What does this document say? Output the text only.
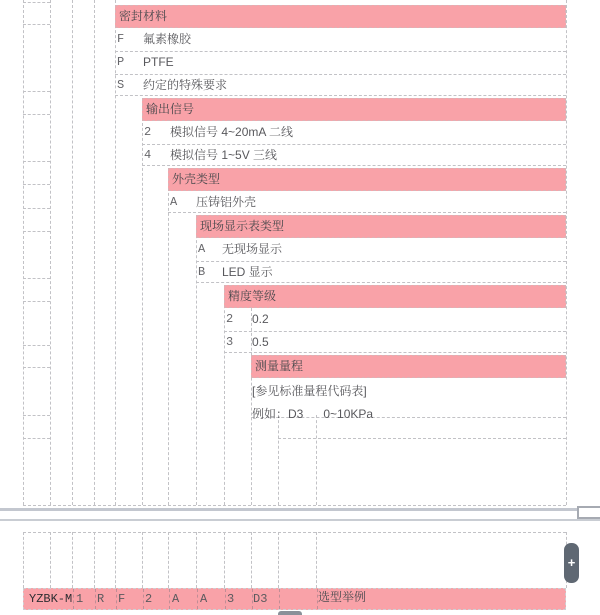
密封材料
F 氟素橡胶
P PTFE
S 约定的特殊要求
输出信号
2 模拟信号 4~20mA 二线
4 模拟信号 1~5V 三线
外壳类型
A 压铸铝外壳
现场显示表类型
A 无现场显示
B LED 显示
精度等级
2 0.2
3 0.5
测量量程
[参见标准量程代码表]
例如：D3      0~10KPa
YZBK-M 1 R F 2 A A 3 D3	选型举例
+
